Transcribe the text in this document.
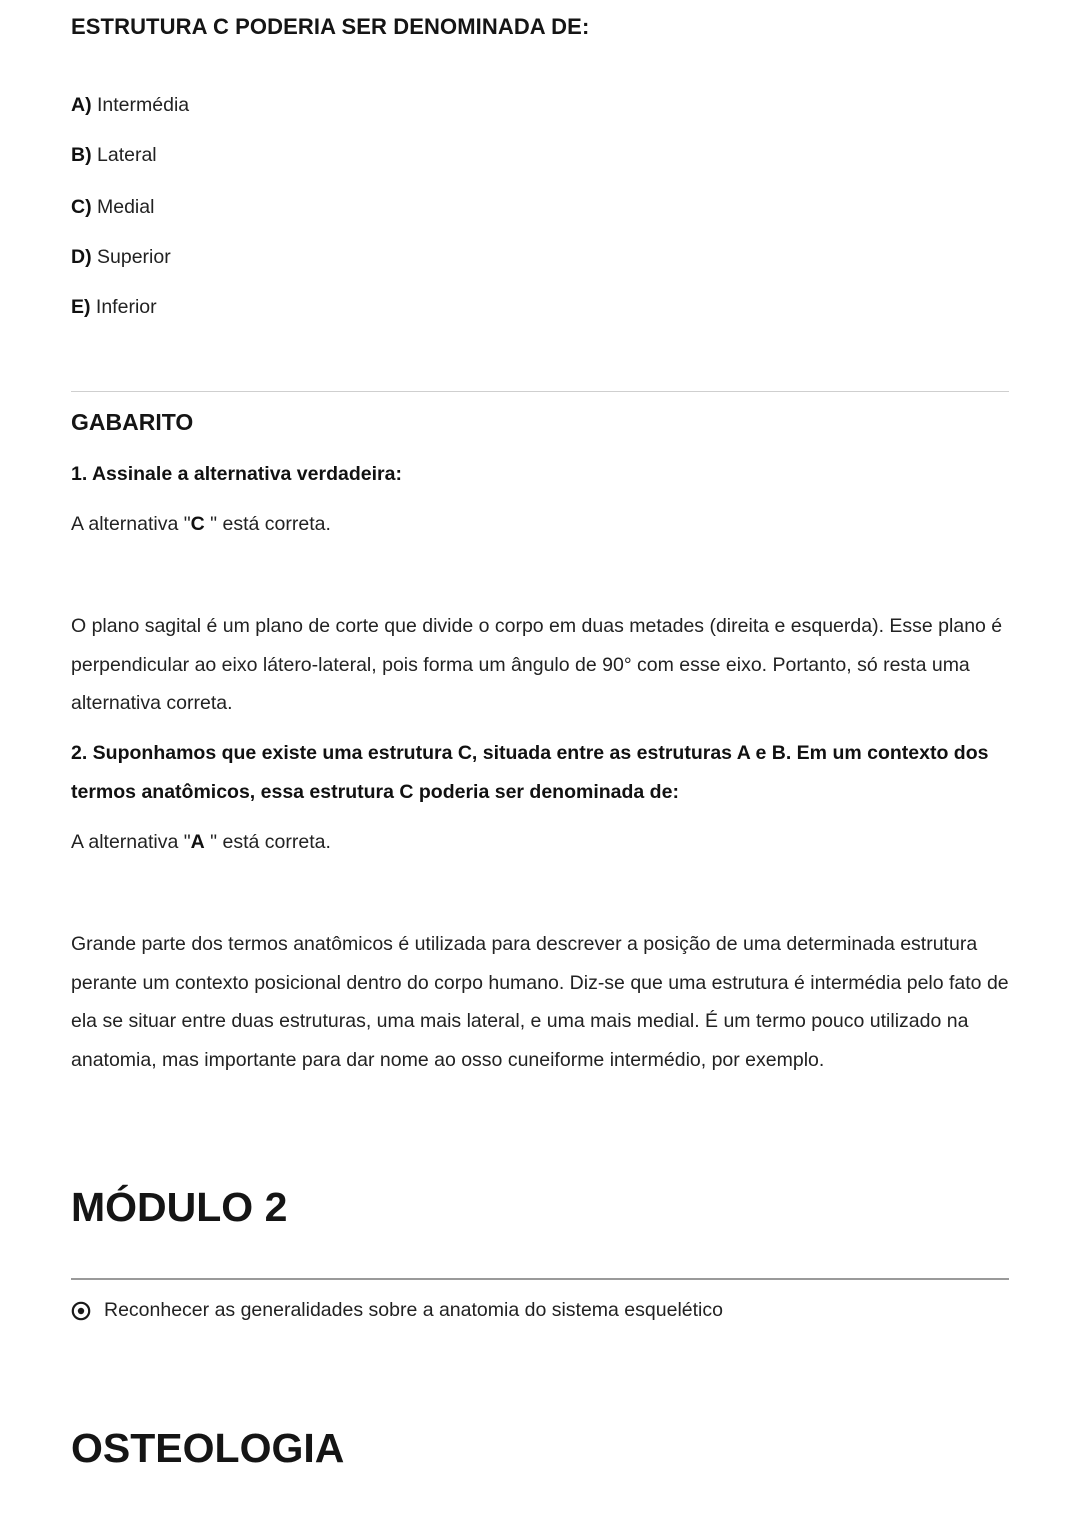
ESTRUTURA C PODERIA SER DENOMINADA DE:
A) Intermédia
B) Lateral
C) Medial
D) Superior
E) Inferior
GABARITO
1. Assinale a alternativa verdadeira:
A alternativa "C " está correta.
O plano sagital é um plano de corte que divide o corpo em duas metades (direita e esquerda). Esse plano é perpendicular ao eixo látero-lateral, pois forma um ângulo de 90° com esse eixo. Portanto, só resta uma alternativa correta.
2. Suponhamos que existe uma estrutura C, situada entre as estruturas A e B. Em um contexto dos termos anatômicos, essa estrutura C poderia ser denominada de:
A alternativa "A " está correta.
Grande parte dos termos anatômicos é utilizada para descrever a posição de uma determinada estrutura perante um contexto posicional dentro do corpo humano. Diz-se que uma estrutura é intermédia pelo fato de ela se situar entre duas estruturas, uma mais lateral, e uma mais medial. É um termo pouco utilizado na anatomia, mas importante para dar nome ao osso cuneiforme intermédio, por exemplo.
MÓDULO 2
Reconhecer as generalidades sobre a anatomia do sistema esquelético
OSTEOLOGIA
